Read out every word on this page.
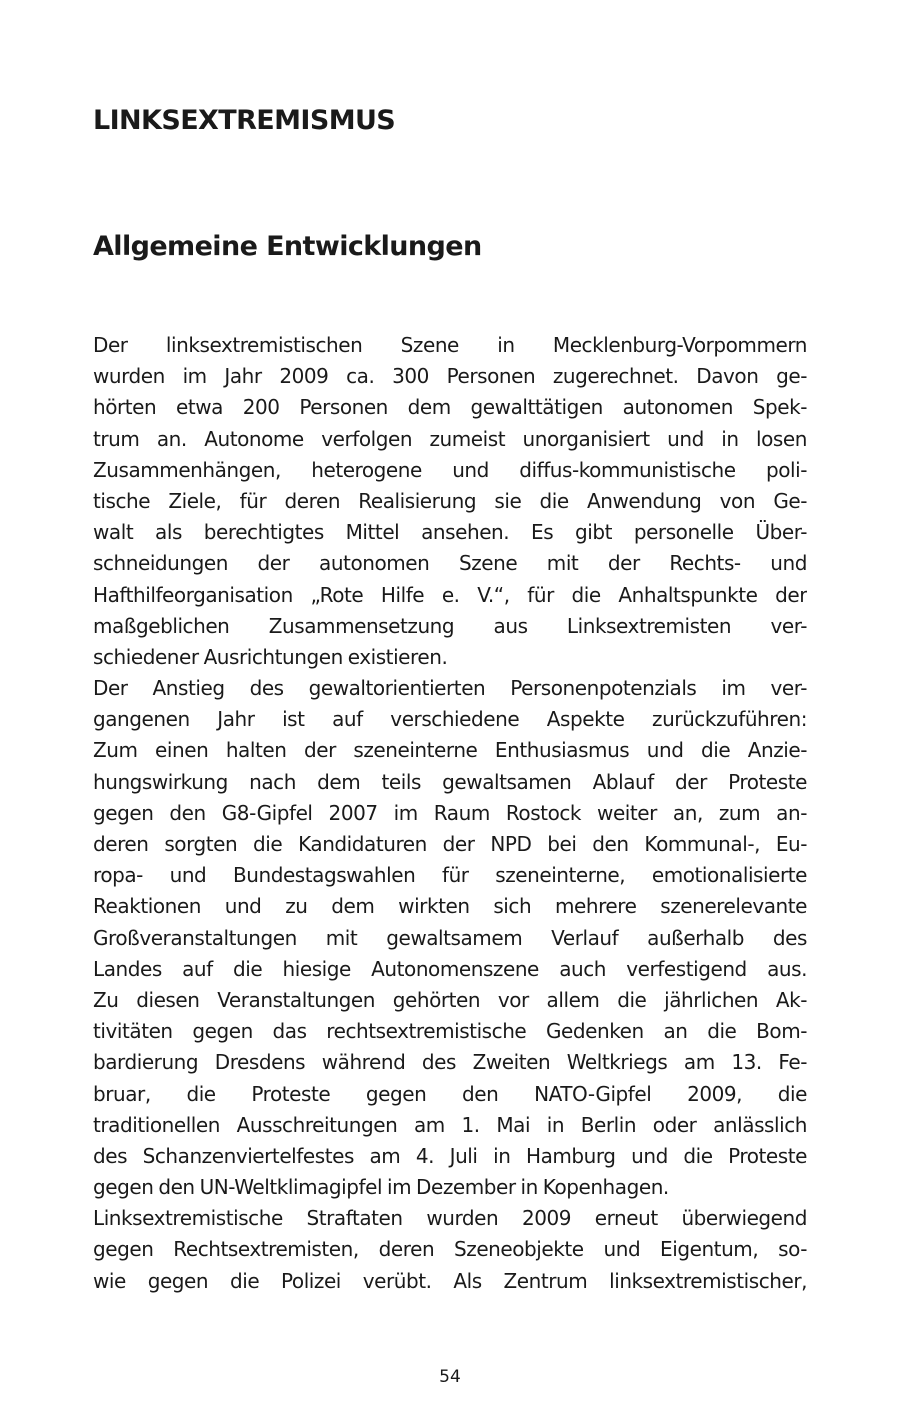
LINKSEXTREMISMUS
Allgemeine Entwicklungen

Der linksextremistischen Szene in Mecklenburg-Vorpommern
wurden im Jahr 2009 ca. 300 Personen zugerechnet. Davon ge-
hörten etwa 200 Personen dem gewalttätigen autonomen Spek-
trum an. Autonome verfolgen zumeist unorganisiert und in losen
Zusammenhängen, heterogene und diffus-kommunistische poli-
tische Ziele, für deren Realisierung sie die Anwendung von Ge-
walt als berechtigtes Mittel ansehen. Es gibt personelle Über-
schneidungen der autonomen Szene mit der Rechts- und
Hafthilfeorganisation „Rote Hilfe e. V.“, für die Anhaltspunkte der
maßgeblichen Zusammensetzung aus Linksextremisten ver-
schiedener Ausrichtungen existieren.

Der Anstieg des gewaltorientierten Personenpotenzials im ver-
gangenen Jahr ist auf verschiedene Aspekte zurückzuführen:
Zum einen halten der szeneinterne Enthusiasmus und die Anzie-
hungswirkung nach dem teils gewaltsamen Ablauf der Proteste
gegen den G8-Gipfel 2007 im Raum Rostock weiter an, zum an-
deren sorgten die Kandidaturen der NPD bei den Kommunal-, Eu-
ropa- und Bundestagswahlen für szeneinterne, emotionalisierte
Reaktionen und zu dem wirkten sich mehrere szenerelevante
Großveranstaltungen mit gewaltsamem Verlauf außerhalb des
Landes auf die hiesige Autonomenszene auch verfestigend aus.
Zu diesen Veranstaltungen gehörten vor allem die jährlichen Ak-
tivitäten gegen das rechtsextremistische Gedenken an die Bom-
bardierung Dresdens während des Zweiten Weltkriegs am 13. Fe-
bruar, die Proteste gegen den NATO-Gipfel 2009, die
traditionellen Ausschreitungen am 1. Mai in Berlin oder anlässlich
des Schanzenviertelfestes am 4. Juli in Hamburg und die Proteste
gegen den UN-Weltklimagipfel im Dezember in Kopenhagen.

Linksextremistische Straftaten wurden 2009 erneut überwiegend
gegen Rechtsextremisten, deren Szeneobjekte und Eigentum, so-
wie gegen die Polizei verübt. Als Zentrum linksextremistischer,

54
